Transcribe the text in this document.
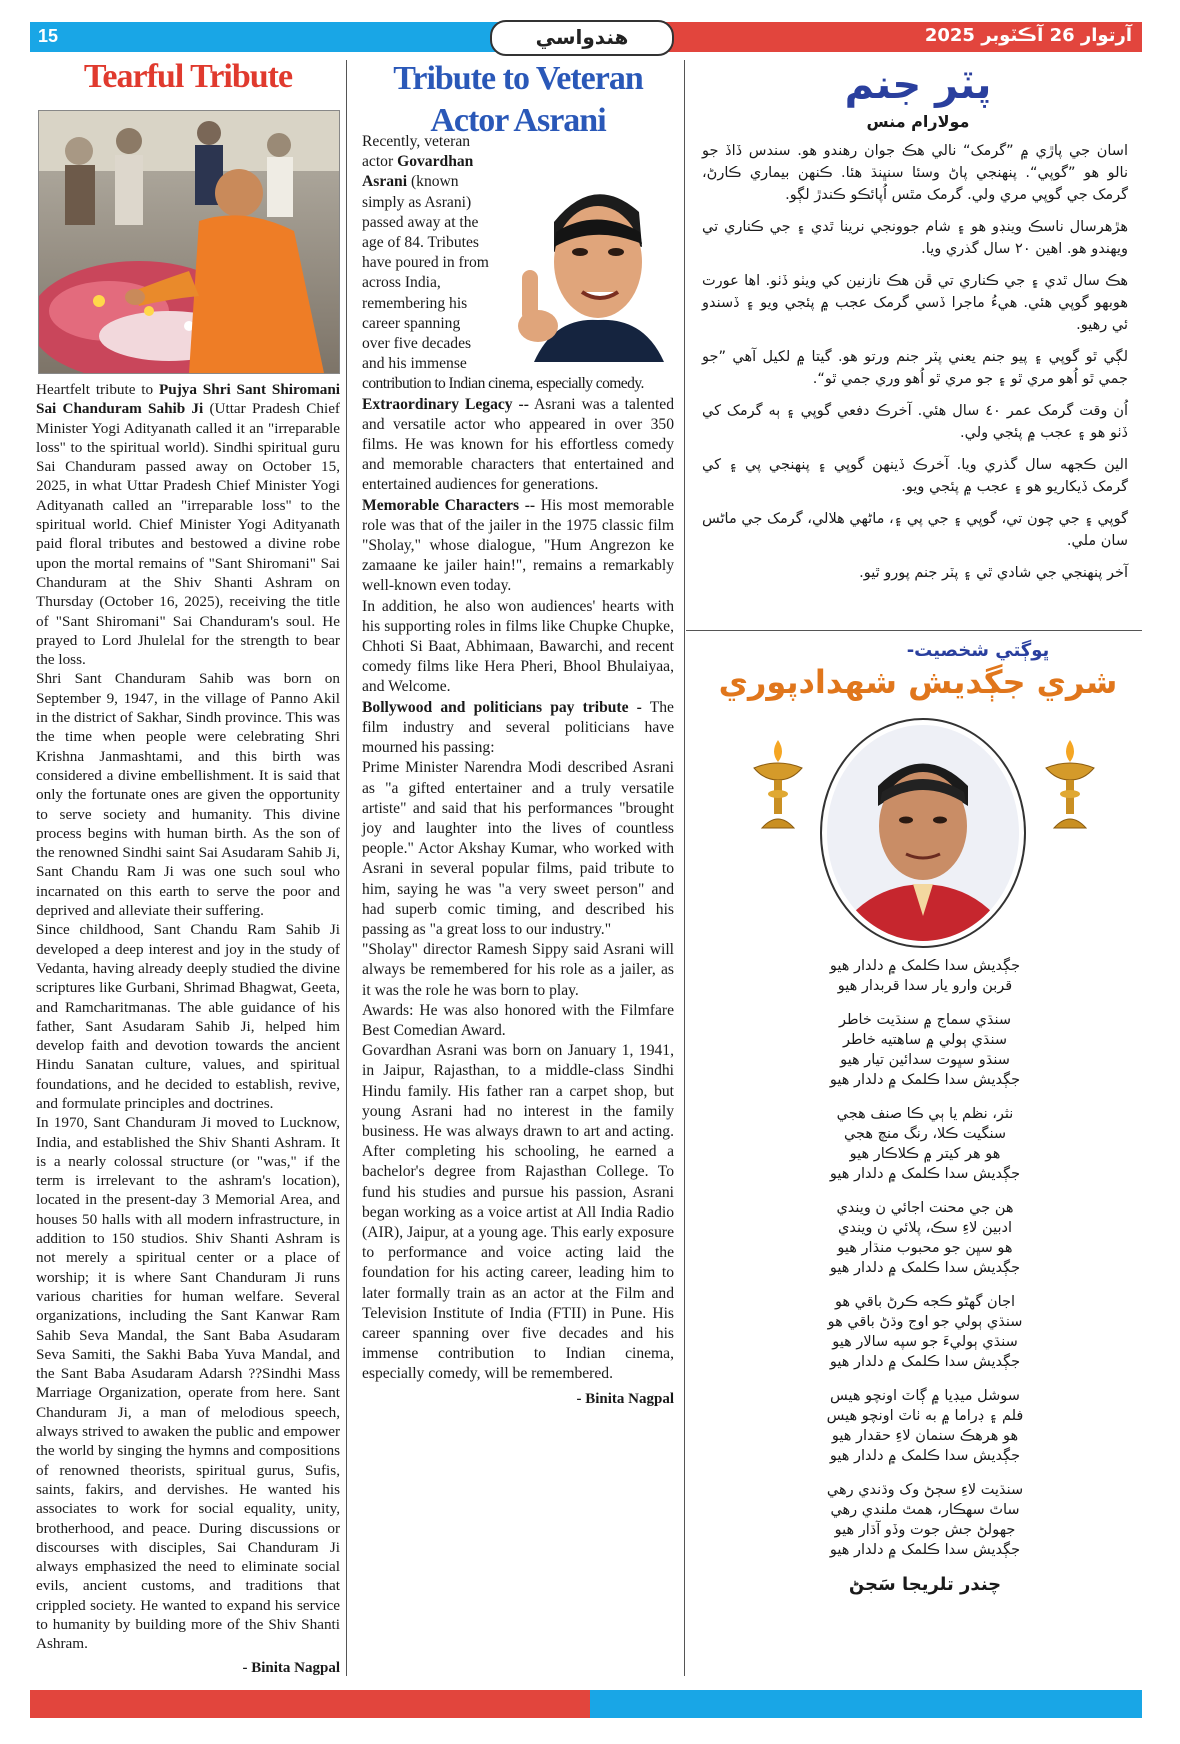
15	هندواسي	آرتوار 26 آڪٽوبر 2025
Tearful Tribute

Heartfelt tribute to Pujya Shri Sant Shiromani Sai Chanduram Sahib Ji (Uttar Pradesh Chief Minister Yogi Adityanath called it an "irreparable loss" to the spiritual world). Sindhi spiritual guru Sai Chanduram passed away on October 15, 2025, in what Uttar Pradesh Chief Minister Yogi Adityanath called an "irreparable loss" to the spiritual world. Chief Minister Yogi Adityanath paid floral tributes and bestowed a divine robe upon the mortal remains of "Sant Shiromani" Sai Chanduram at the Shiv Shanti Ashram on Thursday (October 16, 2025), receiving the title of "Sant Shiromani" Sai Chanduram's soul. He prayed to Lord Jhulelal for the strength to bear the loss.

Shri Sant Chanduram Sahib was born on September 9, 1947, in the village of Panno Akil in the district of Sakhar, Sindh province. This was the time when people were celebrating Shri Krishna Janmashtami, and this birth was considered a divine embellishment. It is said that only the fortunate ones are given the opportunity to serve society and humanity. This divine process begins with human birth. As the son of the renowned Sindhi saint Sai Asudaram Sahib Ji, Sant Chandu Ram Ji was one such soul who incarnated on this earth to serve the poor and deprived and alleviate their suffering.

Since childhood, Sant Chandu Ram Sahib Ji developed a deep interest and joy in the study of Vedanta, having already deeply studied the divine scriptures like Gurbani, Shrimad Bhagwat, Geeta, and Ramcharitmanas. The able guidance of his father, Sant Asudaram Sahib Ji, helped him develop faith and devotion towards the ancient Hindu Sanatan culture, values, and spiritual foundations, and he decided to establish, revive, and formulate principles and doctrines.

In 1970, Sant Chanduram Ji moved to Lucknow, India, and established the Shiv Shanti Ashram. It is a nearly colossal structure (or "was," if the term is irrelevant to the ashram's location), located in the present-day 3 Memorial Area, and houses 50 halls with all modern infrastructure, in addition to 150 studios. Shiv Shanti Ashram is not merely a spiritual center or a place of worship; it is where Sant Chanduram Ji runs various charities for human welfare. Several organizations, including the Sant Kanwar Ram Sahib Seva Mandal, the Sant Baba Asudaram Seva Samiti, the Sakhi Baba Yuva Mandal, and the Sant Baba Asudaram Adarsh ??Sindhi Mass Marriage Organization, operate from here. Sant Chanduram Ji, a man of melodious speech, always strived to awaken the public and empower the world by singing the hymns and compositions of renowned theorists, spiritual gurus, Sufis, saints, fakirs, and dervishes. He wanted his associates to work for social equality, unity, brotherhood, and peace. During discussions or discourses with disciples, Sai Chanduram Ji always emphasized the need to eliminate social evils, ancient customs, and traditions that crippled society. He wanted to expand his service to humanity by building more of the Shiv Shanti Ashram.

- Binita Nagpal
Tribute to Veteran Actor Asrani
Recently, veteran
actor Govardhan
Asrani (known
simply as Asrani)
passed away at the
age of 84. Tributes
have poured in from
across India,
remembering his
career spanning
over five decades
and his immense

contribution to Indian cinema, especially comedy.

Extraordinary Legacy -- Asrani was a talented and versatile actor who appeared in over 350 films. He was known for his effortless comedy and memorable characters that entertained and entertained audiences for generations.

Memorable Characters -- His most memorable role was that of the jailer in the 1975 classic film "Sholay," whose dialogue, "Hum Angrezon ke zamaane ke jailer hain!", remains a remarkably well-known even today.

In addition, he also won audiences' hearts with his supporting roles in films like Chupke Chupke, Chhoti Si Baat, Abhimaan, Bawarchi, and recent comedy films like Hera Pheri, Bhool Bhulaiyaa, and Welcome.

Bollywood and politicians pay tribute - The film industry and several politicians have mourned his passing:

Prime Minister Narendra Modi described Asrani as "a gifted entertainer and a truly versatile artiste" and said that his performances "brought joy and laughter into the lives of countless people." Actor Akshay Kumar, who worked with Asrani in several popular films, paid tribute to him, saying he was "a very sweet person" and had superb comic timing, and described his passing as "a great loss to our industry."

"Sholay" director Ramesh Sippy said Asrani will always be remembered for his role as a jailer, as it was the role he was born to play.

Awards: He was also honored with the Filmfare Best Comedian Award.

Govardhan Asrani was born on January 1, 1941, in Jaipur, Rajasthan, to a middle-class Sindhi Hindu family. His father ran a carpet shop, but young Asrani had no interest in the family business. He was always drawn to art and acting. After completing his schooling, he earned a bachelor's degree from Rajasthan College. To fund his studies and pursue his passion, Asrani began working as a voice artist at All India Radio (AIR), Jaipur, at a young age. This early exposure to performance and voice acting laid the foundation for his acting career, leading him to later formally train as an actor at the Film and Television Institute of India (FTII) in Pune. His career spanning over five decades and his immense contribution to Indian cinema, especially comedy, will be remembered.

- Binita Nagpal
پٽر جنم
مولارام منس

اسان جي پاڙي ۾ ”گرمک“ نالي هڪ جوان رهندو هو. سندس ڏاڏ جو نالو هو ”گوپي“. پنهنجي پاڻ وسئا سنڀنڌ هئا. ڪنهن بيماري ڪارڻ، گرمک جي گوپي مري ولي. گرمک مٿس اُپائڪو ڪندڙ لڳو.

هڙهرسال ناسڪ وينڊو هو ۽ شام جوونجي نرينا ٿدي ۽ جي ڪناري تي ويهندو هو. اهين ٢٠ سال گذري ويا.

هڪ سال ٿدي ۽ جي ڪناري تي ڦن هڪ نازنين کي ويٺو ڏٺو. اها عورت هوبهو گوپي هئي. هيءُ ماجرا ڏسي گرمک عجب ۾ پئجي ويو ۽ ڏسندو ئي رهيو.

لڳي ٿو گوپي ۽ پيو جنم يعني پٽر جنم ورتو هو. گيتا ۾ لکيل آهي ”جو جمي ٿو اُهو مري ٿو ۽ جو مري ٿو اُهو وري جمي ٿو“.

اُن وقت گرمک عمر ٤٠ سال هئي. آخرڪ دفعي گوپي ۽ ٻه گرمک کي ڏٺو هو ۽ عجب ۾ پئجي ولي.

الين ڪجهه سال گذري ويا. آخرڪ ڏينهن گوپي ۽ پنهنجي پي ۽ کي گرمک ڏيکاريو هو ۽ عجب ۾ پئجي ويو.

گوپي ۽ جي چون تي، گوپي ۽ جي پي ۽، ماڻهي هلالي، گرمک جي ماڻس سان ملي.

آخر پنهنجي جي شادي ٿي ۽ پٽر جنم پورو ٿيو.

ڀوڳتي شخصيت-
شري جڳديش شهدادپوري

جڳديش سدا ڪلمک ۾ دلدار هيو

قربن وارو يار سدا قربدار هيو

سنڌي سماج ۾ سنڌيت خاطر

سنڌي ٻولي ۾ ساهتيه خاطر

سنڌو سڀوت سدائين تيار هيو

جڳديش سدا ڪلمک ۾ دلدار هيو

نثر، نظم يا ٻي ڪا صنف هجي

سنگيت ڪلا، رنگ منچ هجي

هو هر کيتر ۾ ڪلاڪار هيو

جڳديش سدا ڪلمک ۾ دلدار هيو

هن جي محنت اجائي ن ويندي

ادبين لاءِ سڪ، پلائي ن ويندي

هو سڀن جو محبوب منڌار هيو

جڳديش سدا ڪلمک ۾ دلدار هيو

اجان گهڻو ڪجه ڪرڻ باقي هو

سنڌي ٻولي جو اوج وڌڻ باقي هو

سنڌي ٻوليءَ جو سپه سالار هيو

جڳديش سدا ڪلمک ۾ دلدار هيو

سوشل ميڊيا ۾ ڳاٽ اونچو هيس

فلم ۽ ڊراما ۾ به ٺاٽ اونچو هيس

هو هرهڪ سنمان لاءِ حقدار هيو

جڳديش سدا ڪلمک ۾ دلدار هيو

سنڌيت لاءِ سڄڻ وک وڌندي رهي

ساٿ سهڪار، همٿ ملندي رهي

جهولڻ جش جوت وڏو آڌار هيو

جڳديش سدا ڪلمک ۾ دلدار هيو

چندر تلريجا سَجڻ
